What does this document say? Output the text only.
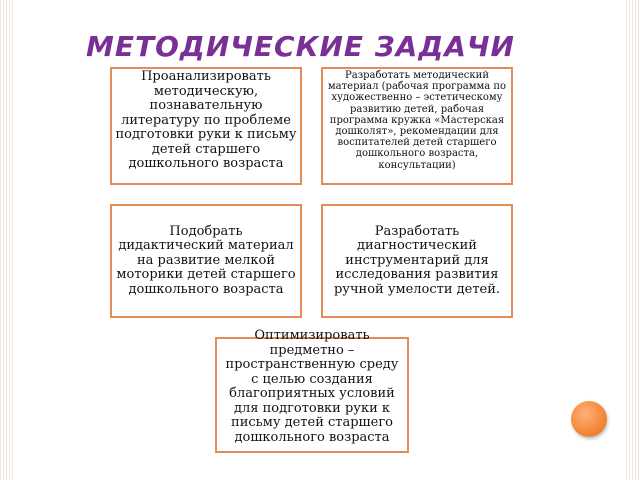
МЕТОДИЧЕСКИЕ ЗАДАЧИ
Проанализировать методическую, познавательную литературу по проблеме подготовки руки к письму детей старшего дошкольного возраста
Разработать методический материал (рабочая программа по художественно – эстетическому развитию детей, рабочая программа кружка «Мастерская дошколят», рекомендации для воспитателей детей старшего дошкольного возраста, консультации)
Подобрать дидактический материал на развитие мелкой моторики детей старшего дошкольного возраста
Разработать диагностический инструментарий для исследования развития ручной умелости детей.
Оптимизировать предметно – пространственную среду с целью создания благоприятных условий для подготовки руки к письму детей старшего дошкольного возраста
